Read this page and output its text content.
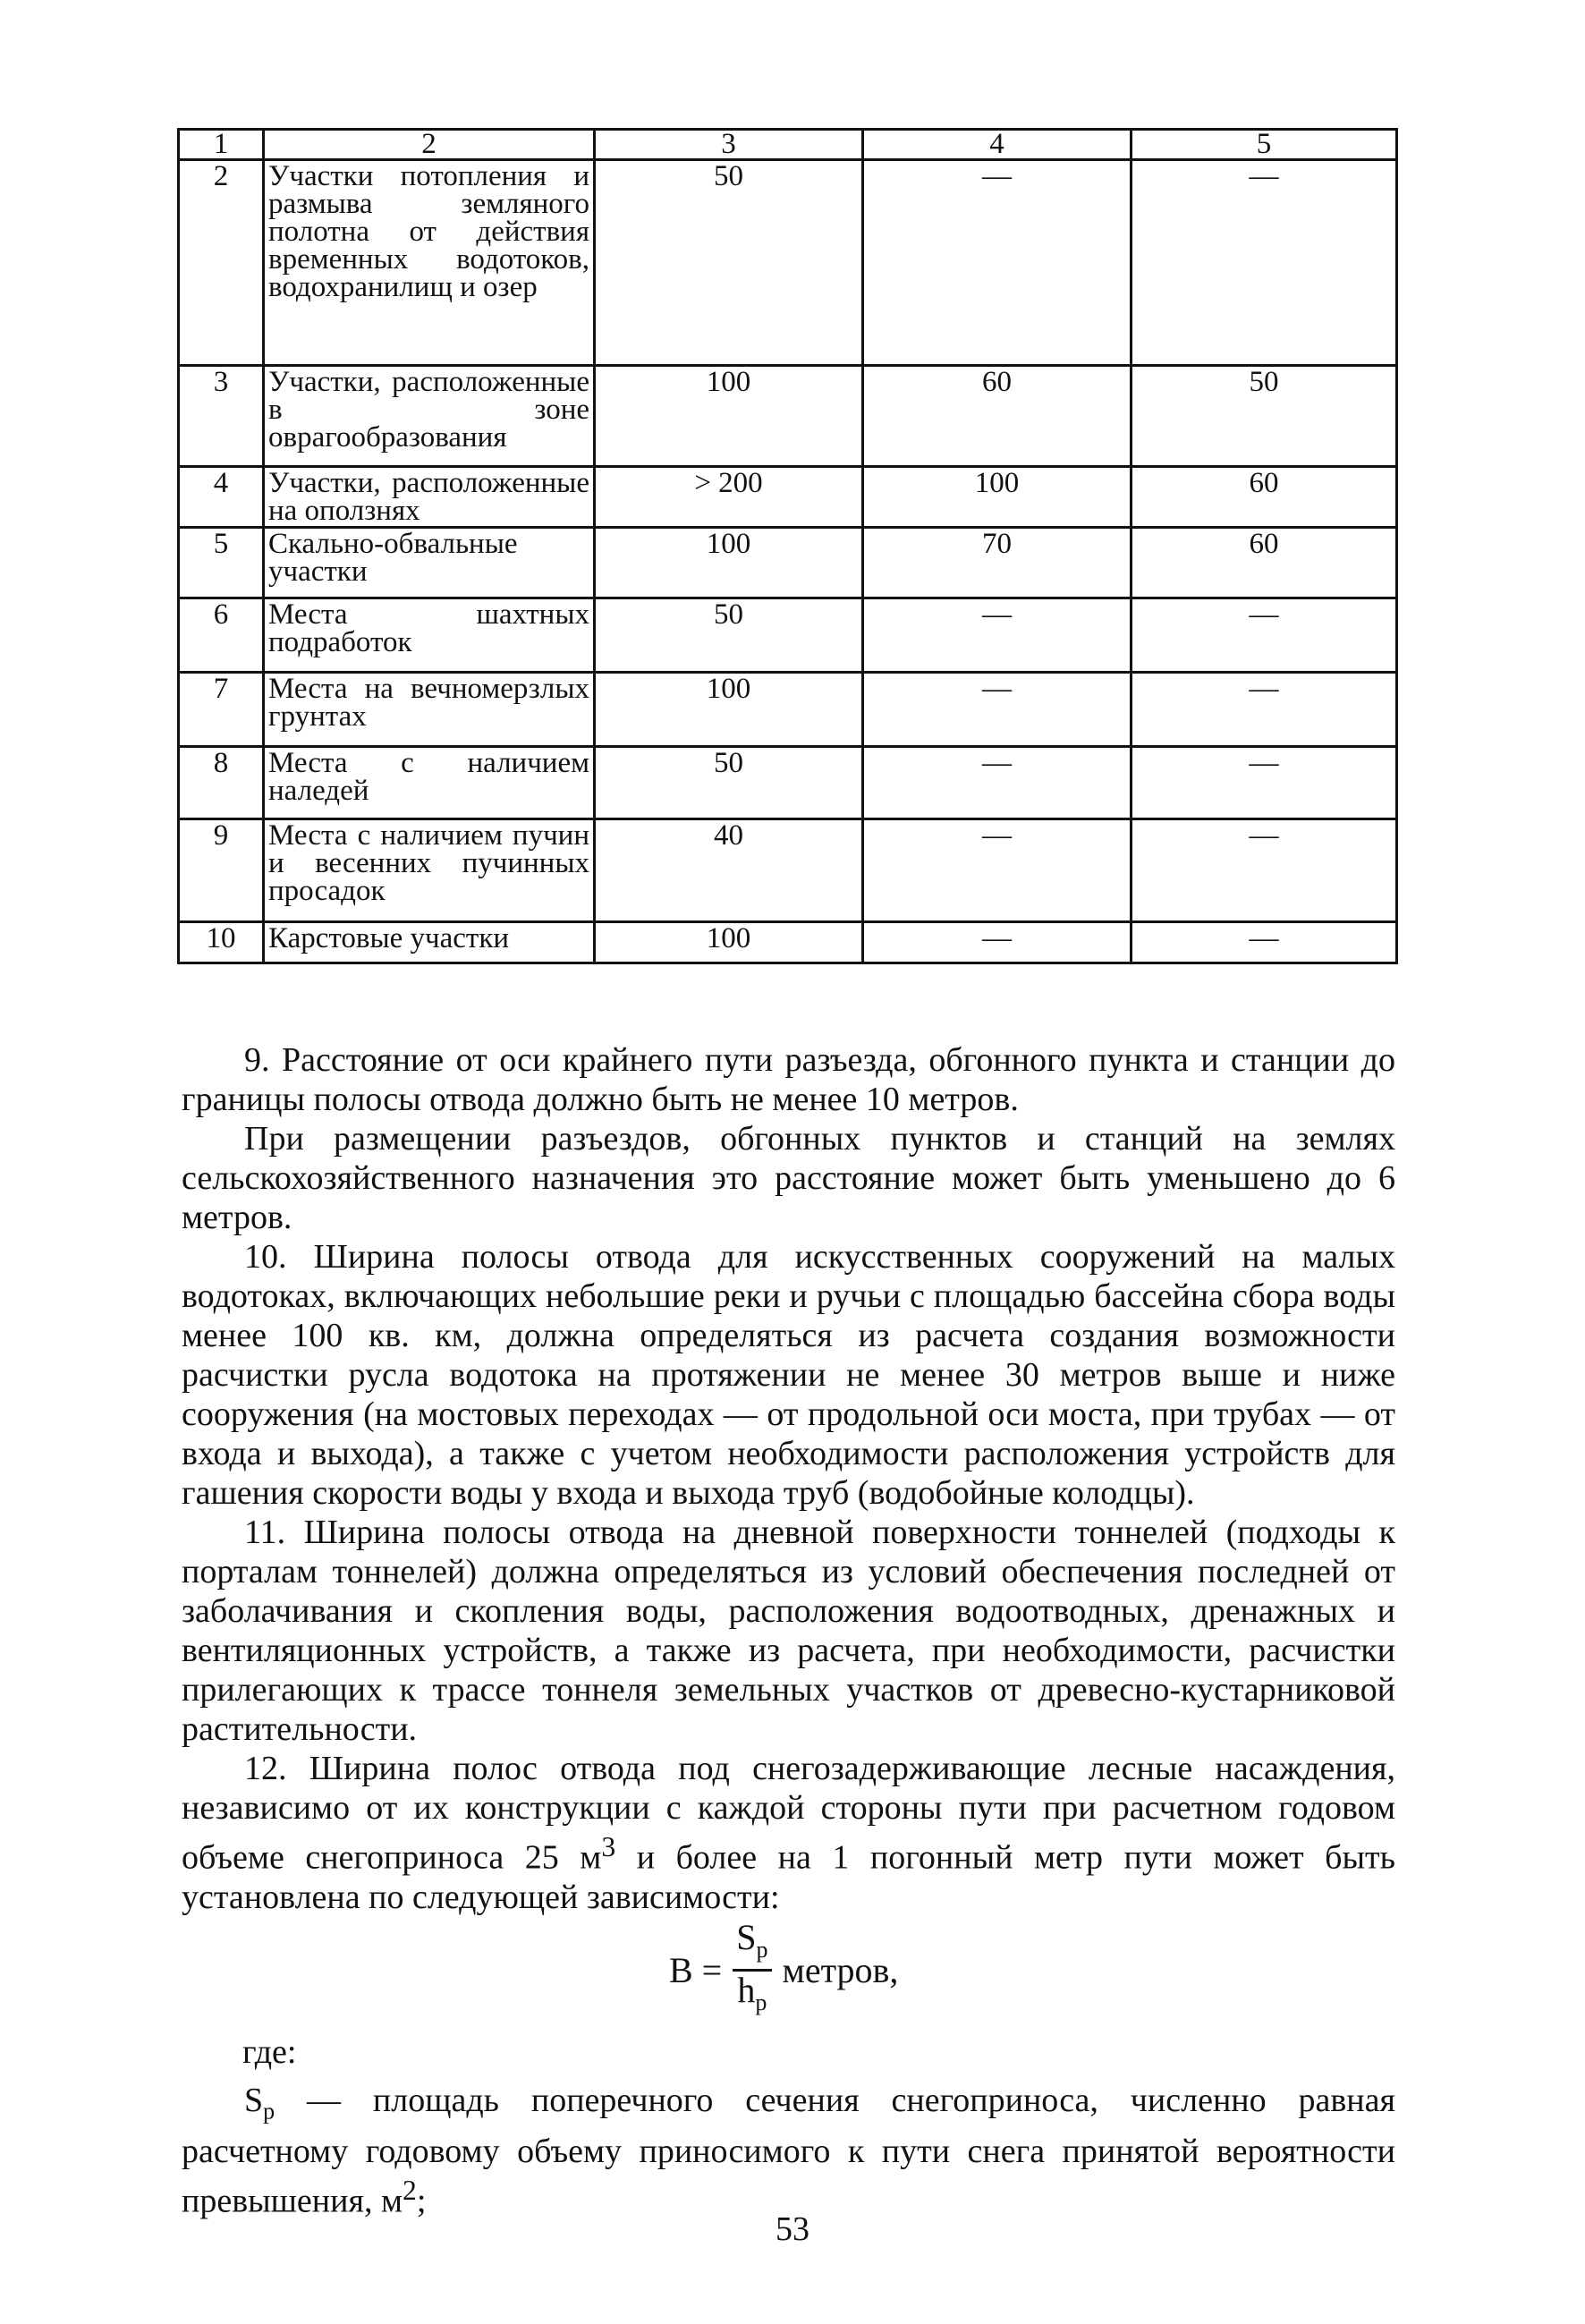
1	2	3	4	5
2	Участки потопления и размыва земляного полотна от действия временных водотоков, водохранилищ и озер	50	—	—
3	Участки, расположенные в зоне оврагообразования	100	60	50
4	Участки, расположенные на оползнях	> 200	100	60
5	Скально-обвальные участки	100	70	60
6	Места шахтных подработок	50	—	—
7	Места на вечномерзлых грунтах	100	—	—
8	Места с наличием наледей	50	—	—
9	Места с наличием пучин и весенних пучинных просадок	40	—	—
10	Карстовые участки	100	—	—

9. Расстояние от оси крайнего пути разъезда, обгонного пункта и станции до границы полосы отвода должно быть не менее 10 метров.

При размещении разъездов, обгонных пунктов и станций на землях сельскохозяйственного назначения это расстояние может быть уменьшено до 6 метров.

10. Ширина полосы отвода для искусственных сооружений на малых водотоках, включающих небольшие реки и ручьи с площадью бассейна сбора воды менее 100 кв. км, должна определяться из расчета создания возможности расчистки русла водотока на протяжении не менее 30 метров выше и ниже сооружения (на мостовых переходах — от продольной оси моста, при трубах — от входа и выхода), а также с учетом необходимости расположения устройств для гашения скорости воды у входа и выхода труб (водобойные колодцы).

11. Ширина полосы отвода на дневной поверхности тоннелей (подходы к порталам тоннелей) должна определяться из условий обеспечения последней от заболачивания и скопления воды, расположения водоотводных, дренажных и вентиляционных устройств, а также из расчета, при необходимости, расчистки прилегающих к трассе тоннеля земельных участков от древесно-кустарниковой растительности.

12. Ширина полос отвода под снегозадерживающие лесные насаждения, независимо от их конструкции с каждой стороны пути при расчетном годовом объеме снегоприноса 25 $м^3$ и более на 1 погонный метр пути может быть установлена по следующей зависимости:

$B = \frac{S_p}{h_p}$ метров,
где:

$S_p$ — площадь поперечного сечения снегоприноса, численно равная расчетному годовому объему приносимого к пути снега принятой вероятности превышения, $м^2$;

53
